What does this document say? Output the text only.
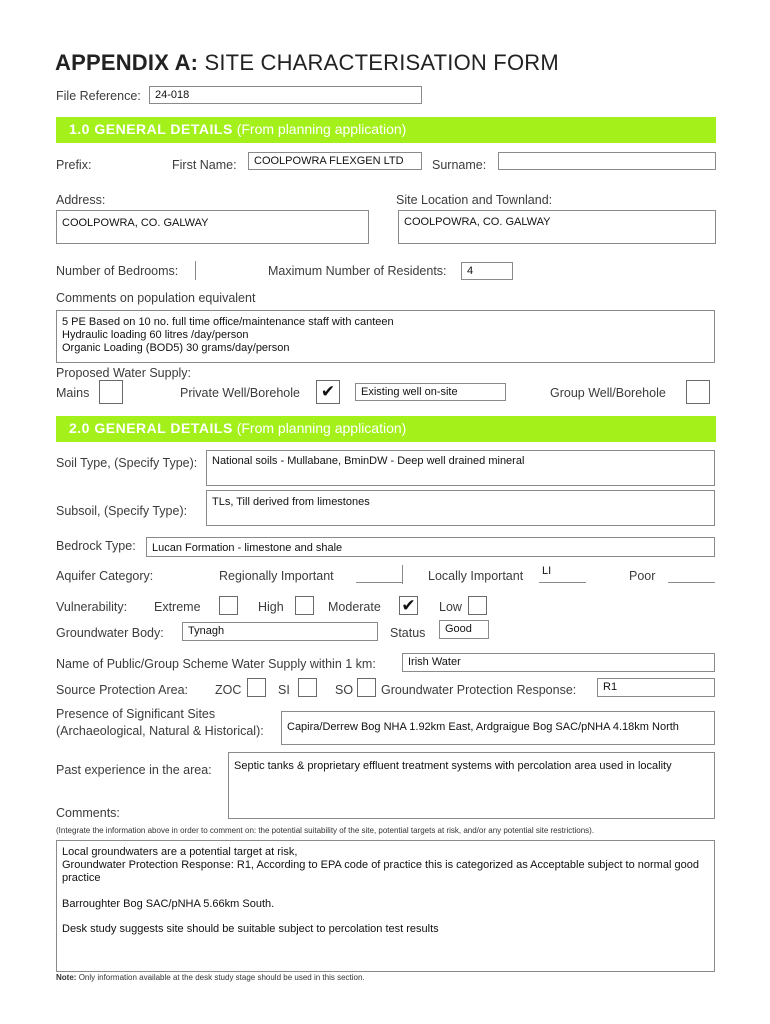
APPENDIX A: SITE CHARACTERISATION FORM
File Reference:	24-018
1.0 GENERAL DETAILS (From planning application)
Prefix:	First Name:	COOLPOWRA FLEXGEN LTD	Surname:
Address:	Site Location and Townland:
COOLPOWRA, CO. GALWAY	COOLPOWRA, CO. GALWAY
Number of Bedrooms:	Maximum Number of Residents:	4
Comments on population equivalent
5 PE Based on 10 no. full time office/maintenance staff with canteen
Hydraulic loading 60 litres /day/person
Organic Loading (BOD5) 30 grams/day/person
Proposed Water Supply:
Mains	Private Well/Borehole ✔	Existing well on-site	Group Well/Borehole
2.0 GENERAL DETAILS (From planning application)
Soil Type, (Specify Type):	National soils - Mullabane, BminDW - Deep well drained mineral
Subsoil, (Specify Type):
TLs, Till derived from limestones
Bedrock Type:	Lucan Formation - limestone and shale
Aquifer Category:	Regionally Important	Locally Important LI	Poor
Vulnerability: Extreme	High	Moderate ✔ Low
Groundwater Body:	Tynagh	Status	Good
Name of Public/Group Scheme Water Supply within 1 km:	Irish Water
Source Protection Area: ZOC	SI	SO Groundwater Protection Response:	R1
Presence of Significant Sites
(Archaeological, Natural & Historical):	Capira/Derrew Bog NHA 1.92km East, Ardgraigue Bog SAC/pNHA 4.18km North
Past experience in the area:	Septic tanks & proprietary effluent treatment systems with percolation area used in locality
Comments:
(Integrate the information above in order to comment on: the potential suitability of the site, potential targets at risk, and/or any potential site restrictions).
Local groundwaters are a potential target at risk,
Groundwater Protection Response: R1, According to EPA code of practice this is categorized as Acceptable subject to normal good practice
Barroughter Bog SAC/pNHA 5.66km South.
Desk study suggests site should be suitable subject to percolation test results
Note: Only information available at the desk study stage should be used in this section.
